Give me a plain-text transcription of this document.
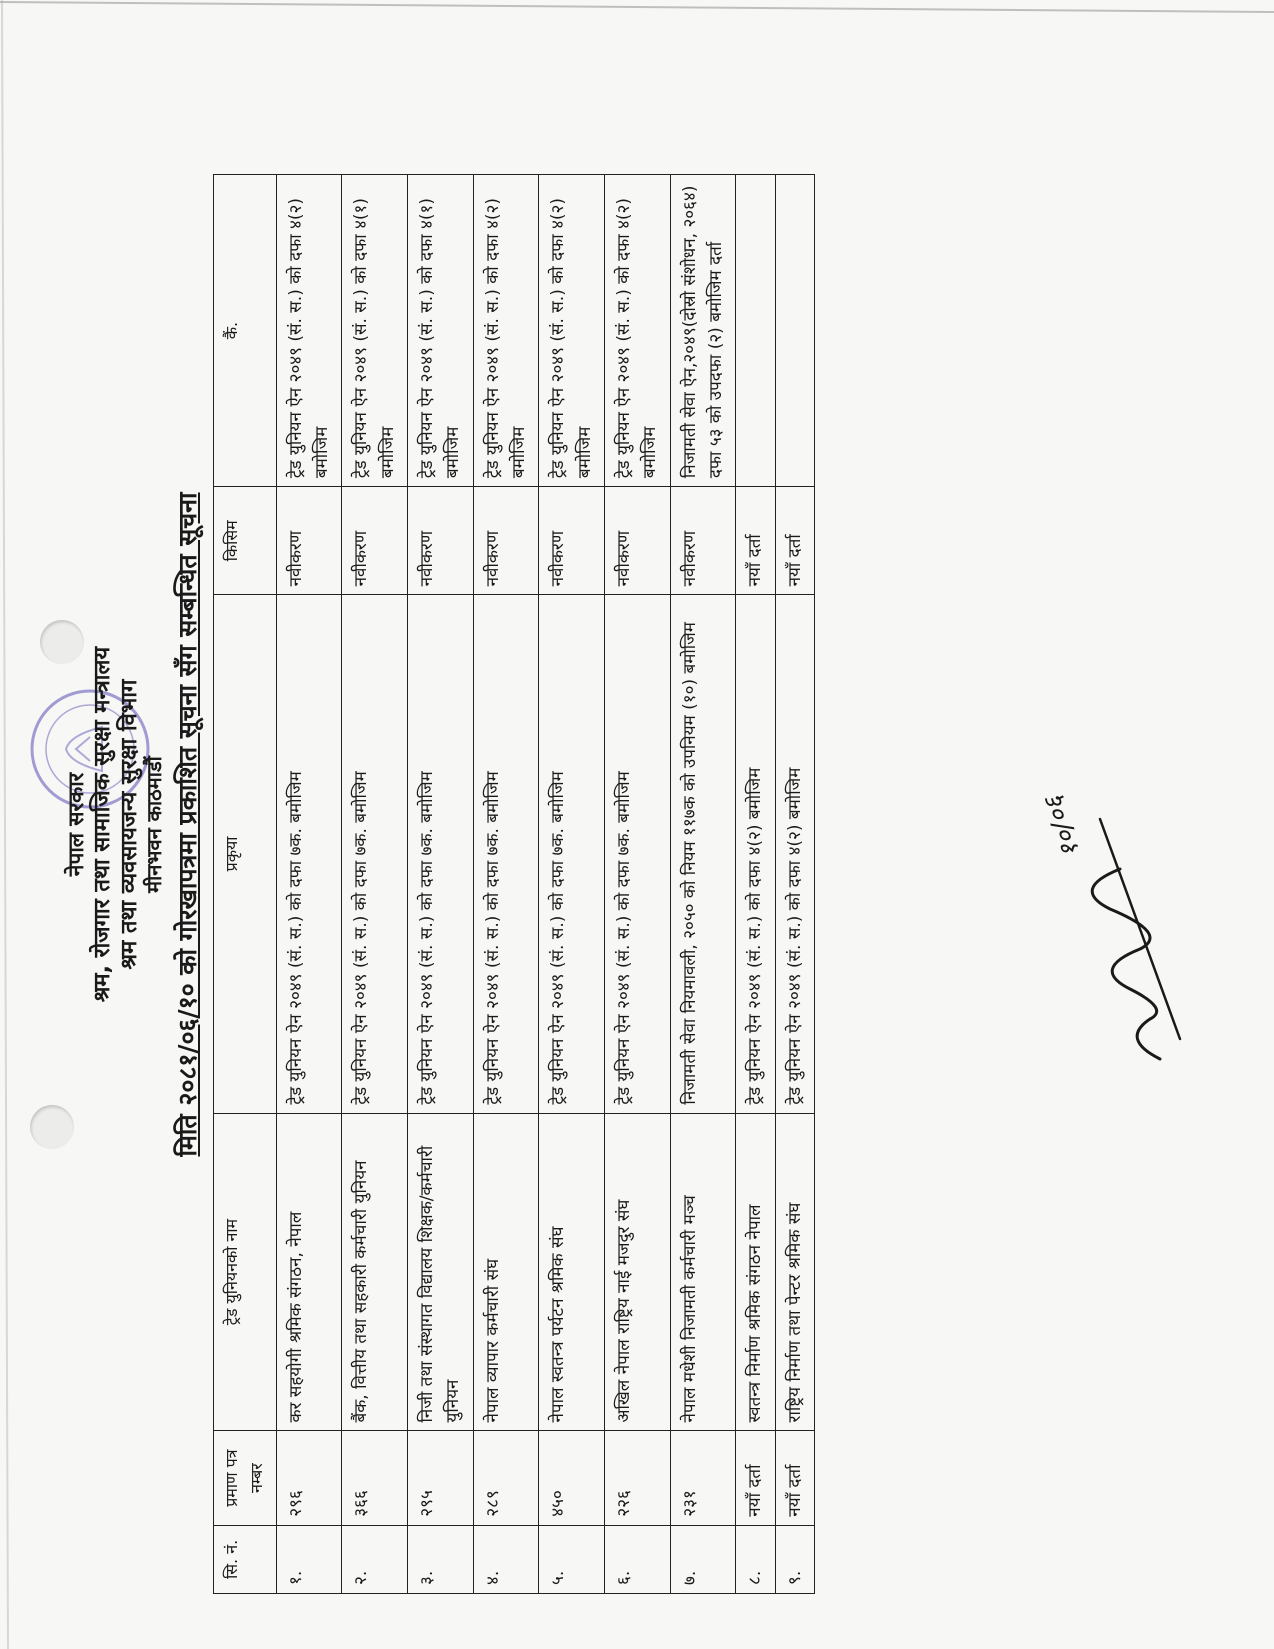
नेपाल सरकार श्रम, रोजगार तथा सामाजिक सुरक्षा मन्त्रालय श्रम तथा व्यवसायजन्य सुरक्षा विभाग मीनभवन काठमाडौं मिति २०८१/०६/१० को गोरखापत्रमा प्रकाशित सूचना सँग सम्बन्धित सूचना
सि. नं.	प्रमाण पत्र नम्बर	ट्रेड युनियनको नाम	प्रकृया	किसिम	कैं.
१.	२९६	कर सहयोगी श्रमिक संगठन, नेपाल	ट्रेड युनियन ऐन २०४९ (सं. स.) को दफा ७क. बमोजिम	नवीकरण	ट्रेड युनियन ऐन २०४९ (सं. स.) को दफा ४(२) बमोजिम
२.	३६६	बैंक, वित्तीय तथा सहकारी कर्मचारी युनियन	ट्रेड युनियन ऐन २०४९ (सं. स.) को दफा ७क. बमोजिम	नवीकरण	ट्रेड युनियन ऐन २०४९ (सं. स.) को दफा ४(१) बमोजिम
३.	२९५	निजी तथा संस्थागत विद्यालय शिक्षक/कर्मचारी युनियन	ट्रेड युनियन ऐन २०४९ (सं. स.) को दफा ७क. बमोजिम	नवीकरण	ट्रेड युनियन ऐन २०४९ (सं. स.) को दफा ४(१) बमोजिम
४.	२८९	नेपाल व्यापार कर्मचारी संघ	ट्रेड युनियन ऐन २०४९ (सं. स.) को दफा ७क. बमोजिम	नवीकरण	ट्रेड युनियन ऐन २०४९ (सं. स.) को दफा ४(२) बमोजिम
५.	४५०	नेपाल स्वतन्त्र पर्यटन श्रमिक संघ	ट्रेड युनियन ऐन २०४९ (सं. स.) को दफा ७क. बमोजिम	नवीकरण	ट्रेड युनियन ऐन २०४९ (सं. स.) को दफा ४(२) बमोजिम
६.	२२६	अखिल नेपाल राष्ट्रिय नाई मजदुर संघ	ट्रेड युनियन ऐन २०४९ (सं. स.) को दफा ७क. बमोजिम	नवीकरण	ट्रेड युनियन ऐन २०४९ (सं. स.) को दफा ४(२) बमोजिम
७.	२३१	नेपाल मधेशी निजामती कर्मचारी मञ्च	निजामती सेवा नियमावली, २०५० को नियम ११७क को उपनियम (१०) बमोजिम	नवीकरण	निजामती सेवा ऐन,२०४९(दोस्रो संशोधन, २०६४) दफा ५३ को उपदफा (२) बमोजिम दर्ता
८.	नयाँ दर्ता	स्वतन्त्र निर्माण श्रमिक संगठन नेपाल	ट्रेड युनियन ऐन २०४९ (सं. स.) को दफा ४(२) बमोजिम	नयाँ दर्ता	
९.	नयाँ दर्ता	राष्ट्रिय निर्माण तथा पेन्टर श्रमिक संघ	ट्रेड युनियन ऐन २०४९ (सं. स.) को दफा ४(२) बमोजिम	नयाँ दर्ता	
१०/०६
